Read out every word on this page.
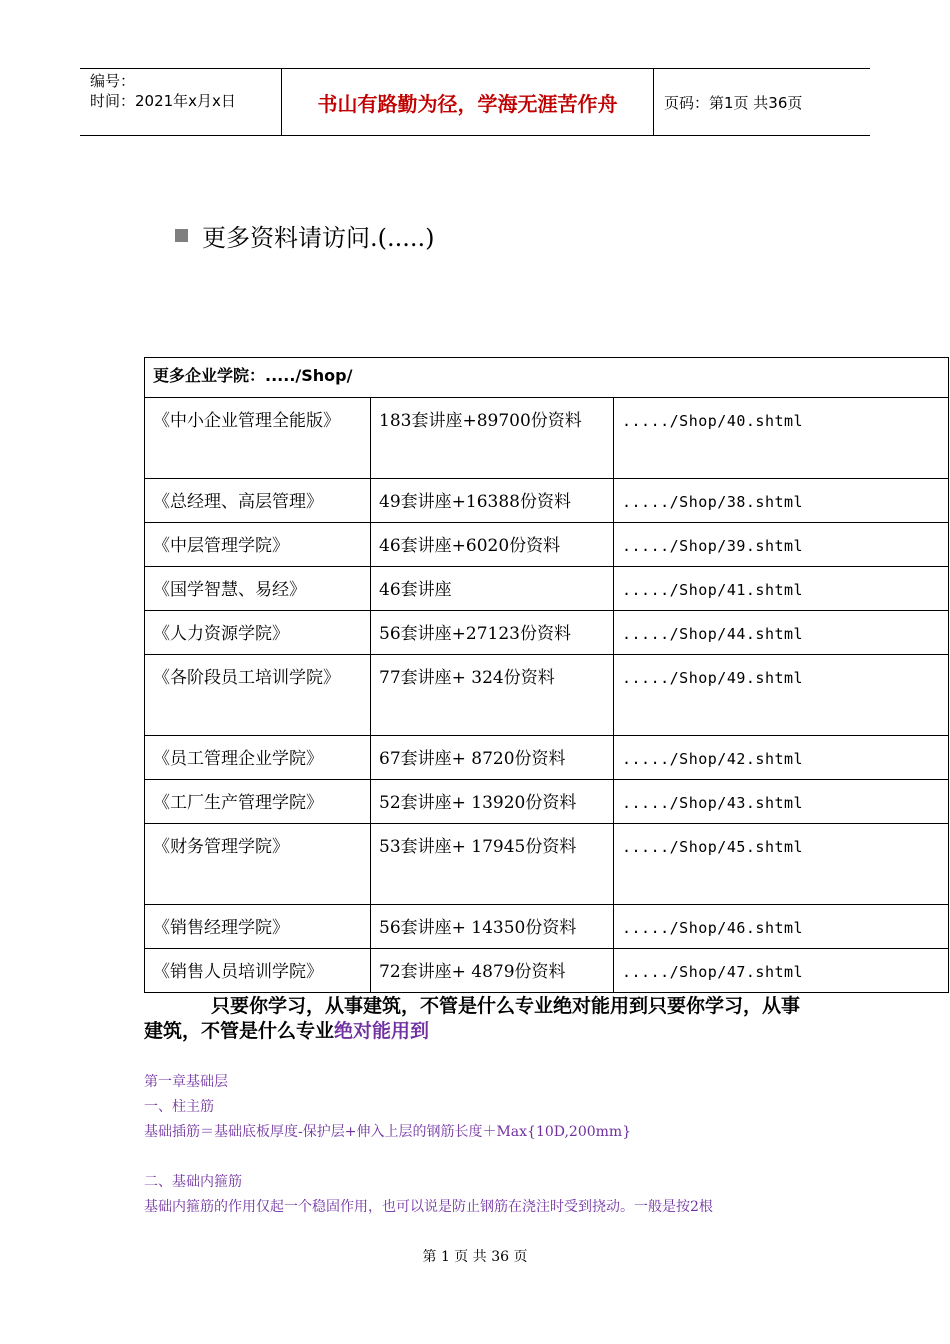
编号：
时间：2021年x月x日	书山有路勤为径，学海无涯苦作舟	页码：第1页 共36页
更多资料请访问.(.....)
更多企业学院：...../Shop/		
《中小企业管理全能版》	183套讲座+89700份资料	...../Shop/40.shtml
《总经理、高层管理》	49套讲座+16388份资料	...../Shop/38.shtml
《中层管理学院》	46套讲座+6020份资料	...../Shop/39.shtml
《国学智慧、易经》	46套讲座	...../Shop/41.shtml
《人力资源学院》	56套讲座+27123份资料	...../Shop/44.shtml
《各阶段员工培训学院》	77套讲座+ 324份资料	...../Shop/49.shtml
《员工管理企业学院》	67套讲座+ 8720份资料	...../Shop/42.shtml
《工厂生产管理学院》	52套讲座+ 13920份资料	...../Shop/43.shtml
《财务管理学院》	53套讲座+ 17945份资料	...../Shop/45.shtml
《销售经理学院》	56套讲座+ 14350份资料	...../Shop/46.shtml
《销售人员培训学院》	72套讲座+ 4879份资料	...../Shop/47.shtml
只要你学习，从事建筑，不管是什么专业绝对能用到只要你学习，从事建筑，不管是什么专业绝对能用到
第一章基础层
一、柱主筋
基础插筋＝基础底板厚度-保护层+伸入上层的钢筋长度＋Max{10D,200mm}
二、基础内箍筋
基础内箍筋的作用仅起一个稳固作用，也可以说是防止钢筋在浇注时受到挠动。一般是按2根
第 1 页 共 36 页
